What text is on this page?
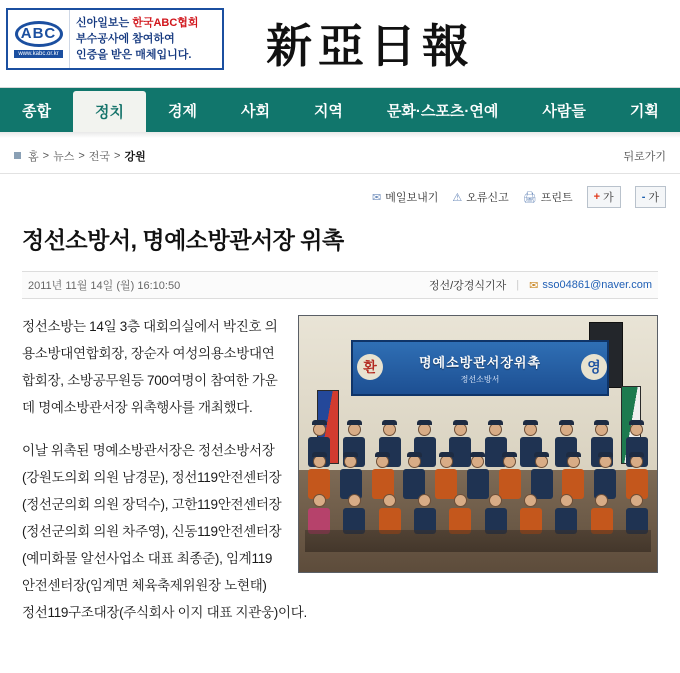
ABC
www.kabc.or.kr
신아일보는 한국ABC협회
부수공사에 참여하여
인증을 받은 매체입니다.	新亞日報
종합	정치	경제	사회	지역	문화·스포츠·연예	사람들	기획
홈 > 뉴스 > 전국 > 강원	뒤로가기
✉ 메일보내기 ⚠ 오류신고 🖨 프린트 + 가	- 가
정선소방서, 명예소방관서장 위촉
2011년 11월 14일 (월) 16:10:50	정선/강경식기자 | ✉ sso04861@naver.com
명예소방관서장위촉
정선소방서
환	영

정선소방는 14일 3층 대회의실에서 박진호 의용소방대연합회장, 장순자 여성의용소방대연합회장, 소방공무원등 700여명이 참여한 가운데 명예소방관서장 위촉행사를 개최했다.

이날 위촉된 명예소방관서장은 정선소방서장(강원도의회 의원 남경문), 정선119안전센터장 (정선군의회 의원 장덕수), 고한119안전센터장(정선군의회 의원 차주영), 신동119안전센터장(예미화물 알선사업소 대표 최종준), 임계119안전센터장(임계면 체육축제위원장 노현태) 정선119구조대장(주식회사 이지 대표 지관웅)이다.
